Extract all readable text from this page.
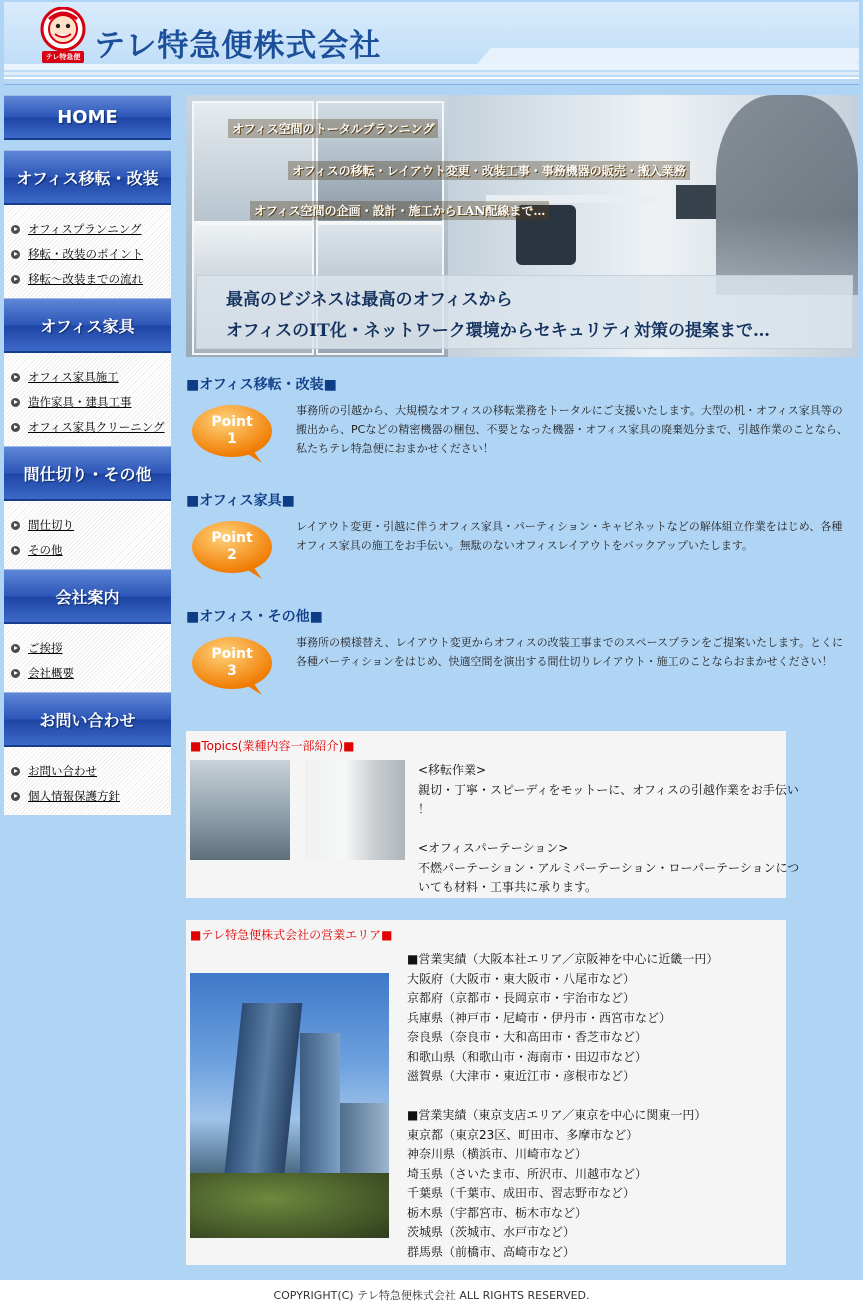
テレ特急便 テレ特急便株式会社
HOME
オフィス移転・改装
オフィスプランニング
移転・改装のポイント
移転〜改装までの流れ
オフィス家具
オフィス家具施工
造作家具・建具工事
オフィス家具クリーニング
間仕切り・その他
間仕切り
その他
会社案内
ご挨拶
会社概要
お問い合わせ
お問い合わせ
個人情報保護方針
オフィス空間のトータルプランニング
オフィスの移転・レイアウト変更・改装工事・事務機器の販売・搬入業務
オフィス空間の企画・設計・施工からLAN配線まで…
最高のビジネスは最高のオフィスから
オフィスのIT化・ネットワーク環境からセキュリティ対策の提案まで…
■オフィス移転・改装■
Point
1
事務所の引越から、大規模なオフィスの移転業務をトータルにご支援いたします。大型の机・オフィス家具等の搬出から、PCなどの精密機器の梱包、不要となった機器・オフィス家具の廃棄処分まで、引越作業のことなら、私たちテレ特急便におまかせください！
■オフィス家具■
Point
2
レイアウト変更・引越に伴うオフィス家具・パーティション・キャビネットなどの解体組立作業をはじめ、各種オフィス家具の施工をお手伝い。無駄のないオフィスレイアウトをバックアップいたします。
■オフィス・その他■
Point
3
事務所の模様替え、レイアウト変更からオフィスの改装工事までのスペースプランをご提案いたします。とくに各種パーティションをはじめ、快適空間を演出する間仕切りレイアウト・施工のことならおまかせください！
■Topics(業種内容一部紹介)■
<移転作業>
親切・丁寧・スピーディをモットーに、オフィスの引越作業をお手伝い
！
<オフィスパーテーション>
不燃パーテーション・アルミパーテーション・ローパーテーションにつ
いても材料・工事共に承ります。
■テレ特急便株式会社の営業エリア■
■営業実績（大阪本社エリア／京阪神を中心に近畿一円）
大阪府（大阪市・東大阪市・八尾市など）
京都府（京都市・長岡京市・宇治市など）
兵庫県（神戸市・尼崎市・伊丹市・西宮市など）
奈良県（奈良市・大和高田市・香芝市など）
和歌山県（和歌山市・海南市・田辺市など）
滋賀県（大津市・東近江市・彦根市など）
■営業実績（東京支店エリア／東京を中心に関東一円）
東京都（東京23区、町田市、多摩市など）
神奈川県（横浜市、川崎市など）
埼玉県（さいたま市、所沢市、川越市など）
千葉県（千葉市、成田市、習志野市など）
栃木県（宇都宮市、栃木市など）
茨城県（茨城市、水戸市など）
群馬県（前橋市、高崎市など）
COPYRIGHT(C) テレ特急便株式会社 ALL RIGHTS RESERVED.
